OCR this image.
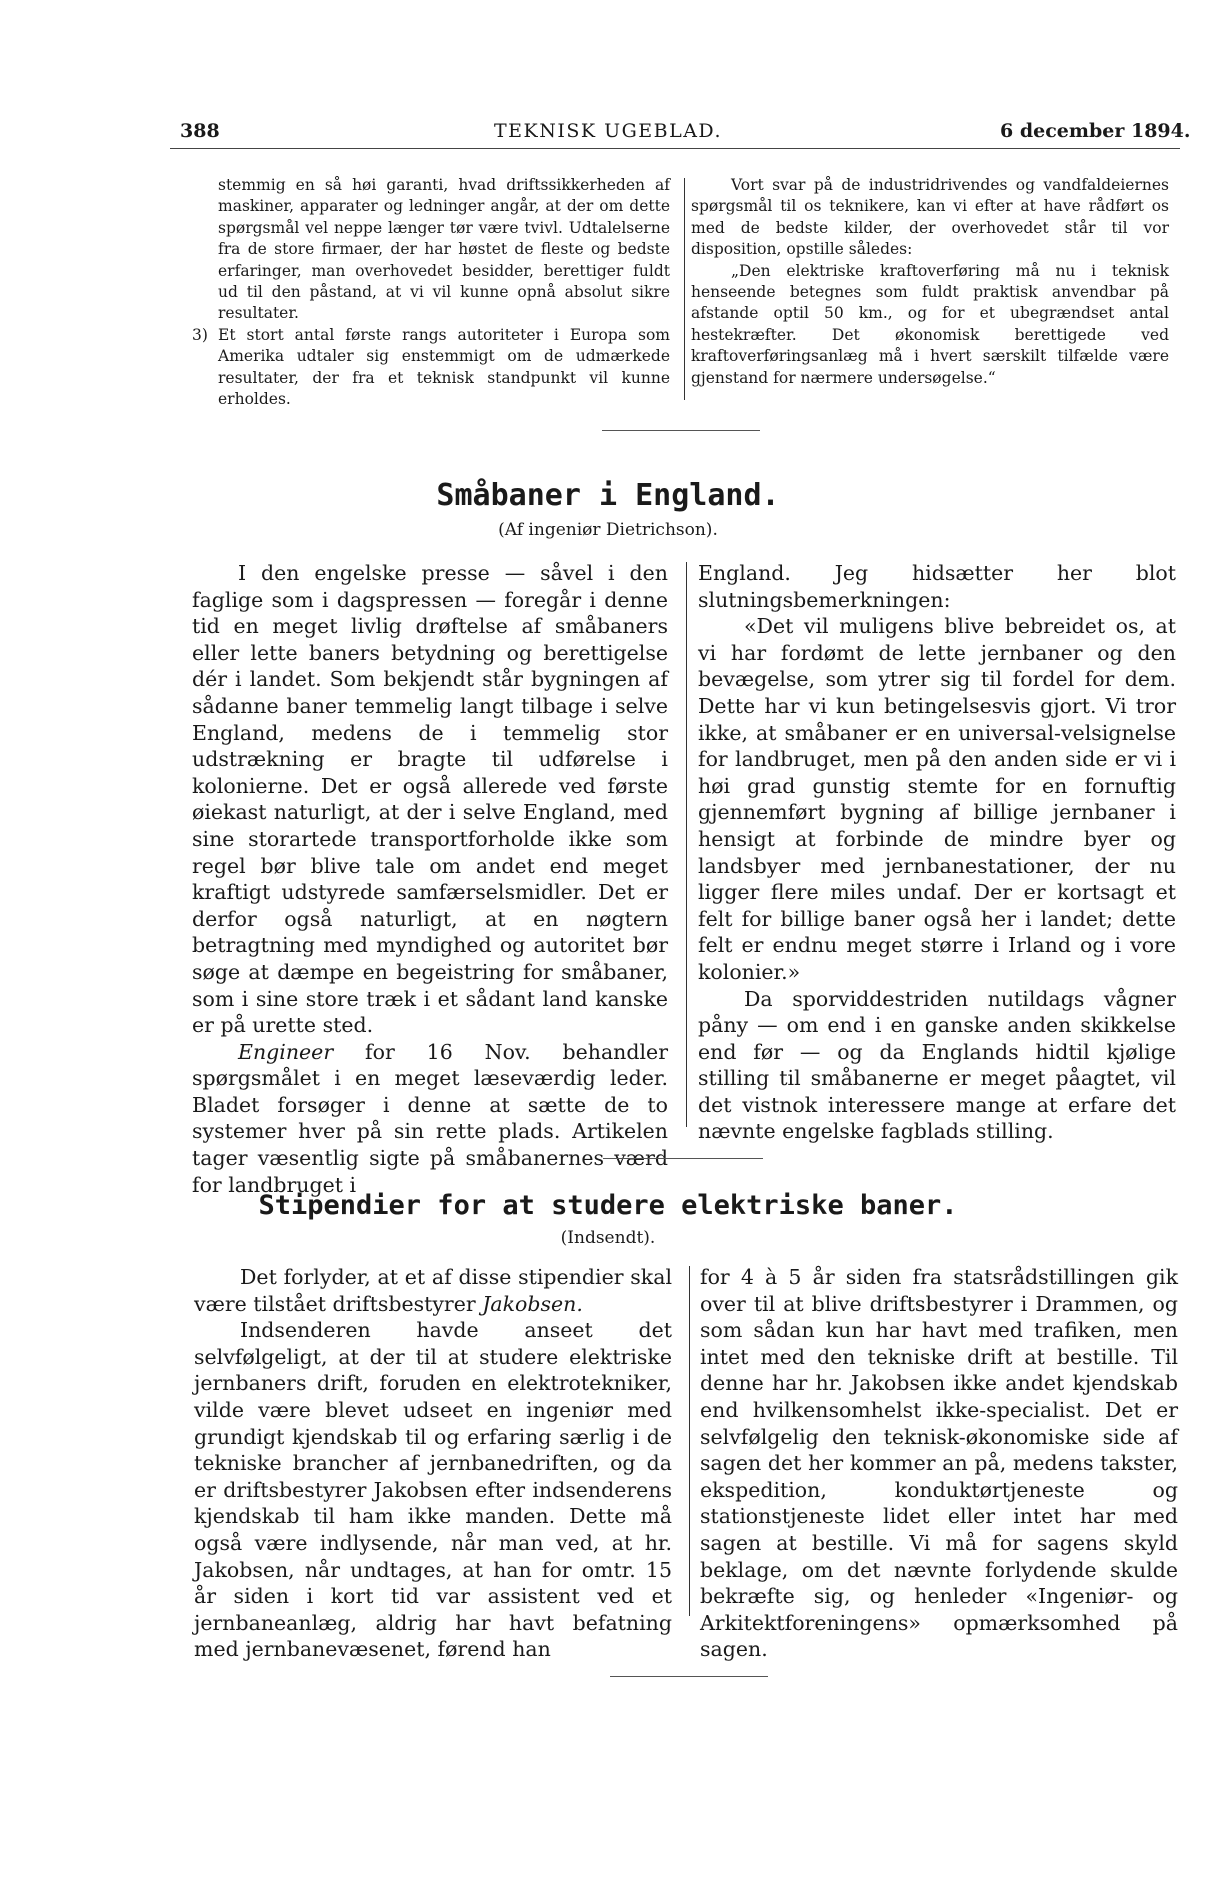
388	TEKNISK UGEBLAD.	6 december 1894.

stemmig en så høi garanti, hvad driftssikkerheden af maskiner, apparater og ledninger angår, at der om dette spørgsmål vel neppe længer tør være tvivl. Udtalelserne fra de store firmaer, der har høstet de fleste og bedste erfaringer, man overhovedet besidder, berettiger fuldt ud til den påstand, at vi vil kunne opnå absolut sikre resultater.

3) Et stort antal første rangs autoriteter i Europa som Amerika udtaler sig enstemmigt om de udmærkede resultater, der fra et teknisk standpunkt vil kunne erholdes.

Vort svar på de industridrivendes og vandfaldeiernes spørgsmål til os teknikere, kan vi efter at have rådført os med de bedste kilder, der overhovedet står til vor disposition, opstille således:

„Den elektriske kraftoverføring må nu i teknisk henseende betegnes som fuldt praktisk anvendbar på afstande optil 50 km., og for et ubegrændset antal hestekræfter. Det økonomisk berettigede ved kraftoverføringsanlæg må i hvert særskilt tilfælde være gjenstand for nærmere undersøgelse.“

Småbaner i England.
(Af ingeniør Dietrichson).

I den engelske presse — såvel i den faglige som i dagspressen — foregår i denne tid en meget livlig drøftelse af småbaners eller lette baners betydning og berettigelse dér i landet. Som bekjendt står bygningen af sådanne baner temmelig langt tilbage i selve England, medens de i temmelig stor udstrækning er bragte til udførelse i kolonierne. Det er også allerede ved første øiekast naturligt, at der i selve England, med sine storartede transportforholde ikke som regel bør blive tale om andet end meget kraftigt udstyrede samfærselsmidler. Det er derfor også naturligt, at en nøgtern betragtning med myndighed og autoritet bør søge at dæmpe en begeistring for småbaner, som i sine store træk i et sådant land kanske er på urette sted.

Engineer for 16 Nov. behandler spørgsmålet i en meget læseværdig leder. Bladet forsøger i denne at sætte de to systemer hver på sin rette plads. Artikelen tager væsentlig sigte på småbanernes værd for landbruget i

England. Jeg hidsætter her blot slutningsbemerkningen:

«Det vil muligens blive bebreidet os, at vi har fordømt de lette jernbaner og den bevægelse, som ytrer sig til fordel for dem. Dette har vi kun betingelsesvis gjort. Vi tror ikke, at småbaner er en universal-velsignelse for landbruget, men på den anden side er vi i høi grad gunstig stemte for en fornuftig gjennemført bygning af billige jernbaner i hensigt at forbinde de mindre byer og landsbyer med jernbanestationer, der nu ligger flere miles undaf. Der er kortsagt et felt for billige baner også her i landet; dette felt er endnu meget større i Irland og i vore kolonier.»

Da sporviddestriden nutildags vågner påny — om end i en ganske anden skikkelse end før — og da Englands hidtil kjølige stilling til småbanerne er meget påagtet, vil det vistnok interessere mange at erfare det nævnte engelske fagblads stilling.

Stipendier for at studere elektriske baner.
(Indsendt).

Det forlyder, at et af disse stipendier skal være tilstået driftsbestyrer Jakobsen.

Indsenderen havde anseet det selvfølgeligt, at der til at studere elektriske jernbaners drift, foruden en elektrotekniker, vilde være blevet udseet en ingeniør med grundigt kjendskab til og erfaring særlig i de tekniske brancher af jernbanedriften, og da er driftsbestyrer Jakobsen efter indsenderens kjendskab til ham ikke manden. Dette må også være indlysende, når man ved, at hr. Jakobsen, når undtages, at han for omtr. 15 år siden i kort tid var assistent ved et jernbaneanlæg, aldrig har havt befatning med jernbanevæsenet, førend han

for 4 à 5 år siden fra statsrådstillingen gik over til at blive driftsbestyrer i Drammen, og som sådan kun har havt med trafiken, men intet med den tekniske drift at bestille. Til denne har hr. Jakobsen ikke andet kjendskab end hvilkensomhelst ikke-specialist. Det er selvfølgelig den teknisk-økonomiske side af sagen det her kommer an på, medens takster, ekspedition, konduktørtjeneste og stationstjeneste lidet eller intet har med sagen at bestille. Vi må for sagens skyld beklage, om det nævnte forlydende skulde bekræfte sig, og henleder «Ingeniør- og Arkitektforeningens» opmærksomhed på sagen.
